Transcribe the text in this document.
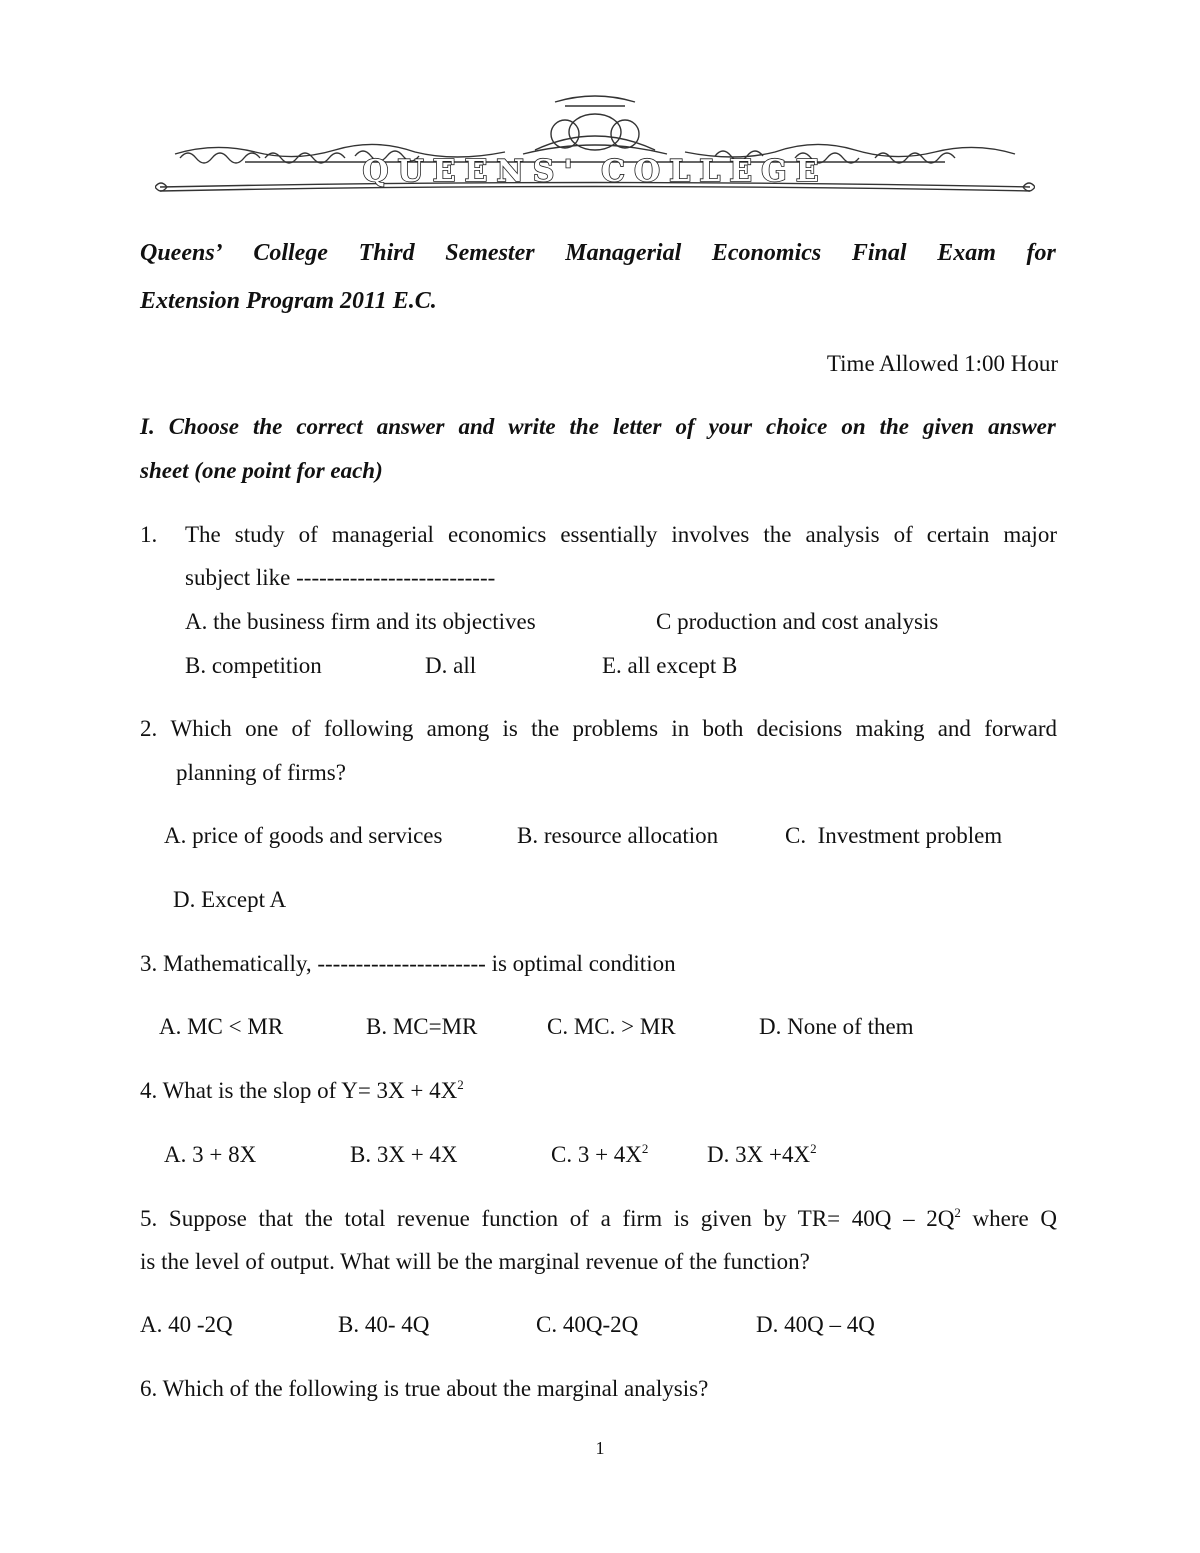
QUEENS' COLLEGE
Queens’ College Third Semester Managerial Economics Final Exam for
Extension Program 2011 E.C.
Time Allowed 1:00 Hour
I. Choose the correct answer and write the letter of your choice on the given answer
sheet (one point for each)
1. The study of managerial economics essentially involves the analysis of certain major
subject like --------------------------
A. the business firm and its objectives	C production and cost analysis
B. competition	D. all	E. all except B
2. Which one of following among is the problems in both decisions making and forward
planning of firms?
A. price of goods and services	B. resource allocation	C.  Investment problem
D. Except A
3. Mathematically, ---------------------- is optimal condition
A. MC < MR	B. MC=MR	C. MC. > MR	D. None of them
4. What is the slop of $Y= 3X + 4X^2$
A. 3 + 8X	B. 3X + 4X	C. $3 + 4X^2$	D. $3X +4X^2$
5. Suppose that the total revenue function of a firm is given by $TR= 40Q - 2Q^2$ where Q
is the level of output. What will be the marginal revenue of the function?
A. 40 -2Q	B. 40- 4Q	C. 40Q-2Q	D. 40Q – 4Q
6. Which of the following is true about the marginal analysis?
1
